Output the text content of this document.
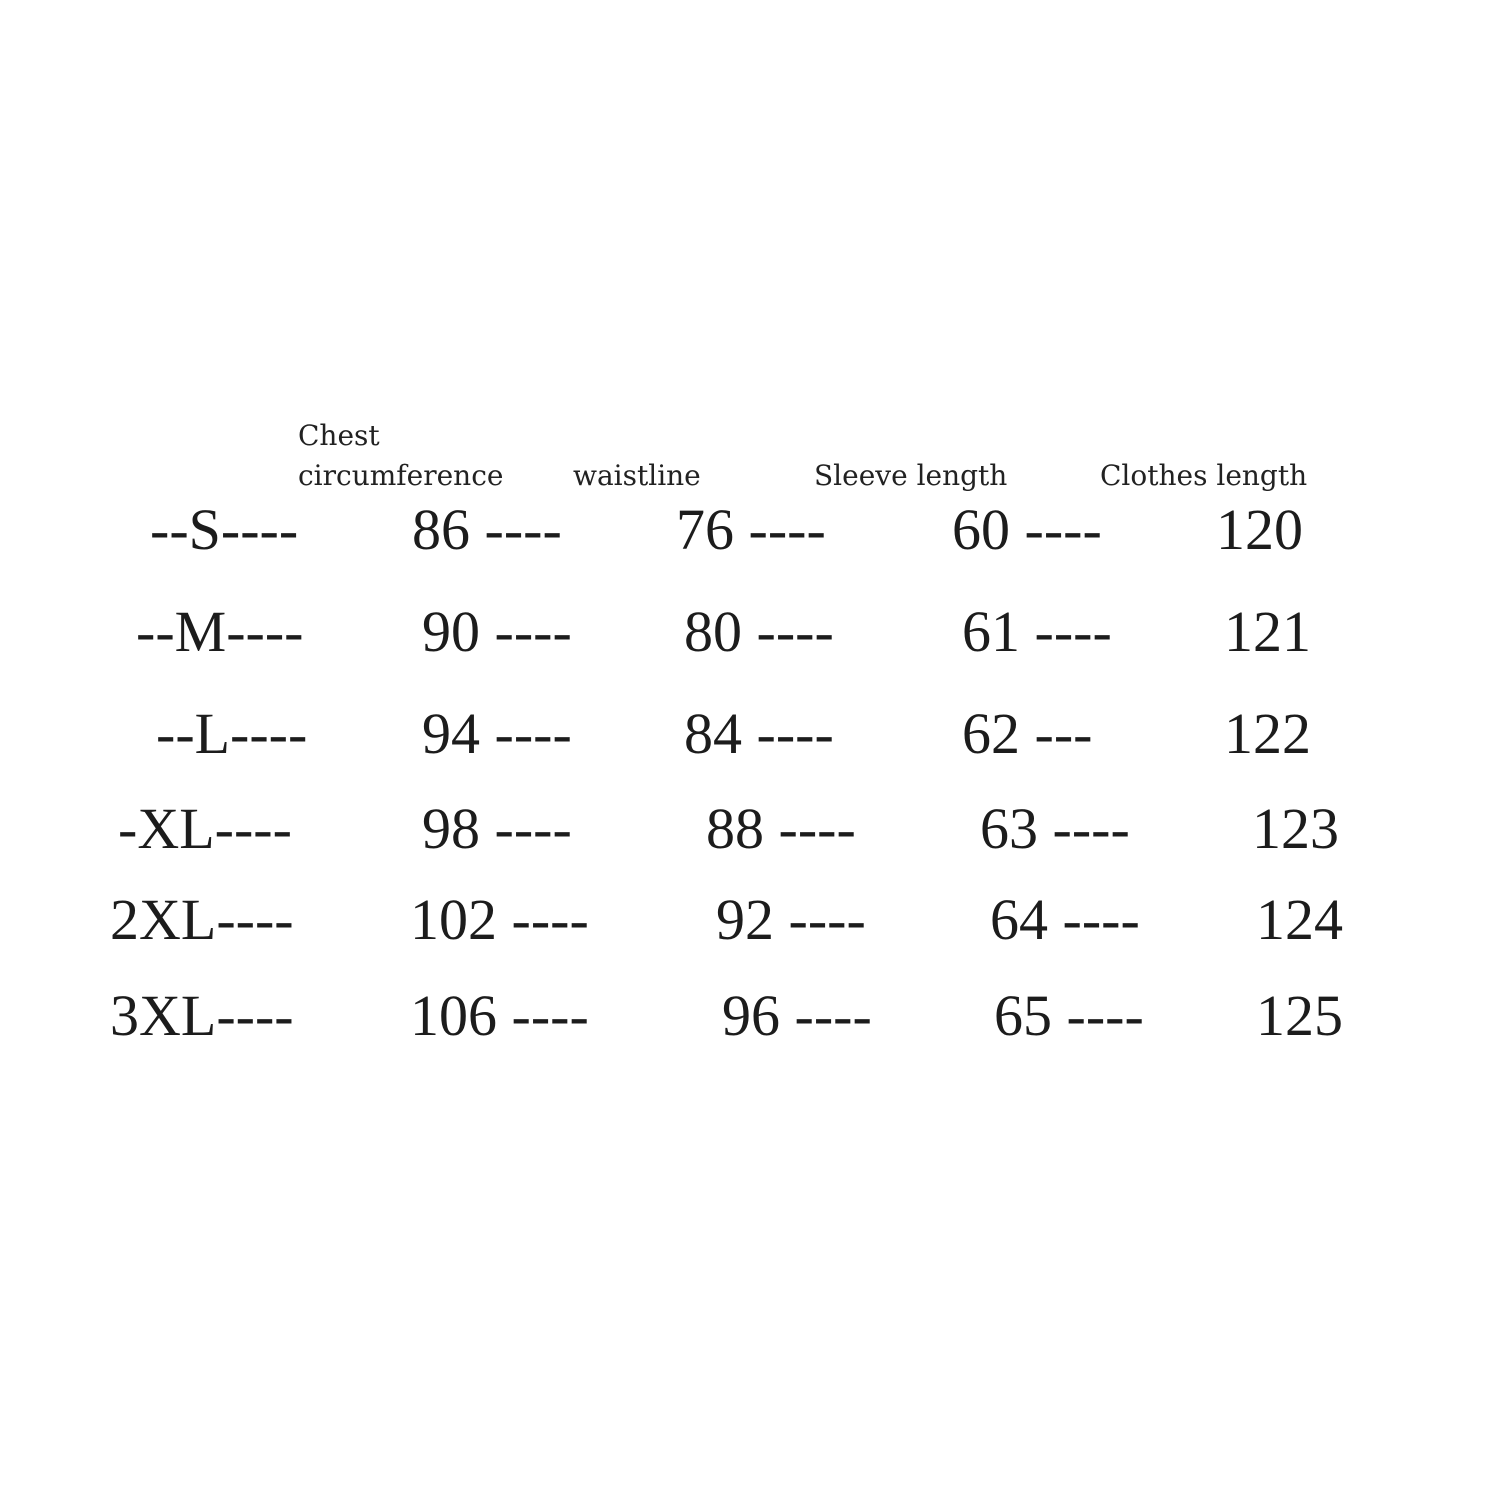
Chest
circumference waistline	Sleeve length	Clothes length
--S---- 86 ---- 76 ---- 60 ---- 120
--M---- 90 ---- 80 ---- 61 ---- 121
--L---- 94 ---- 84 ---- 62 --- 122
-XL---- 98 ---- 88 ---- 63 ---- 123
2XL---- 102 ---- 92 ---- 64 ---- 124
3XL---- 106 ---- 96 ---- 65 ---- 125
